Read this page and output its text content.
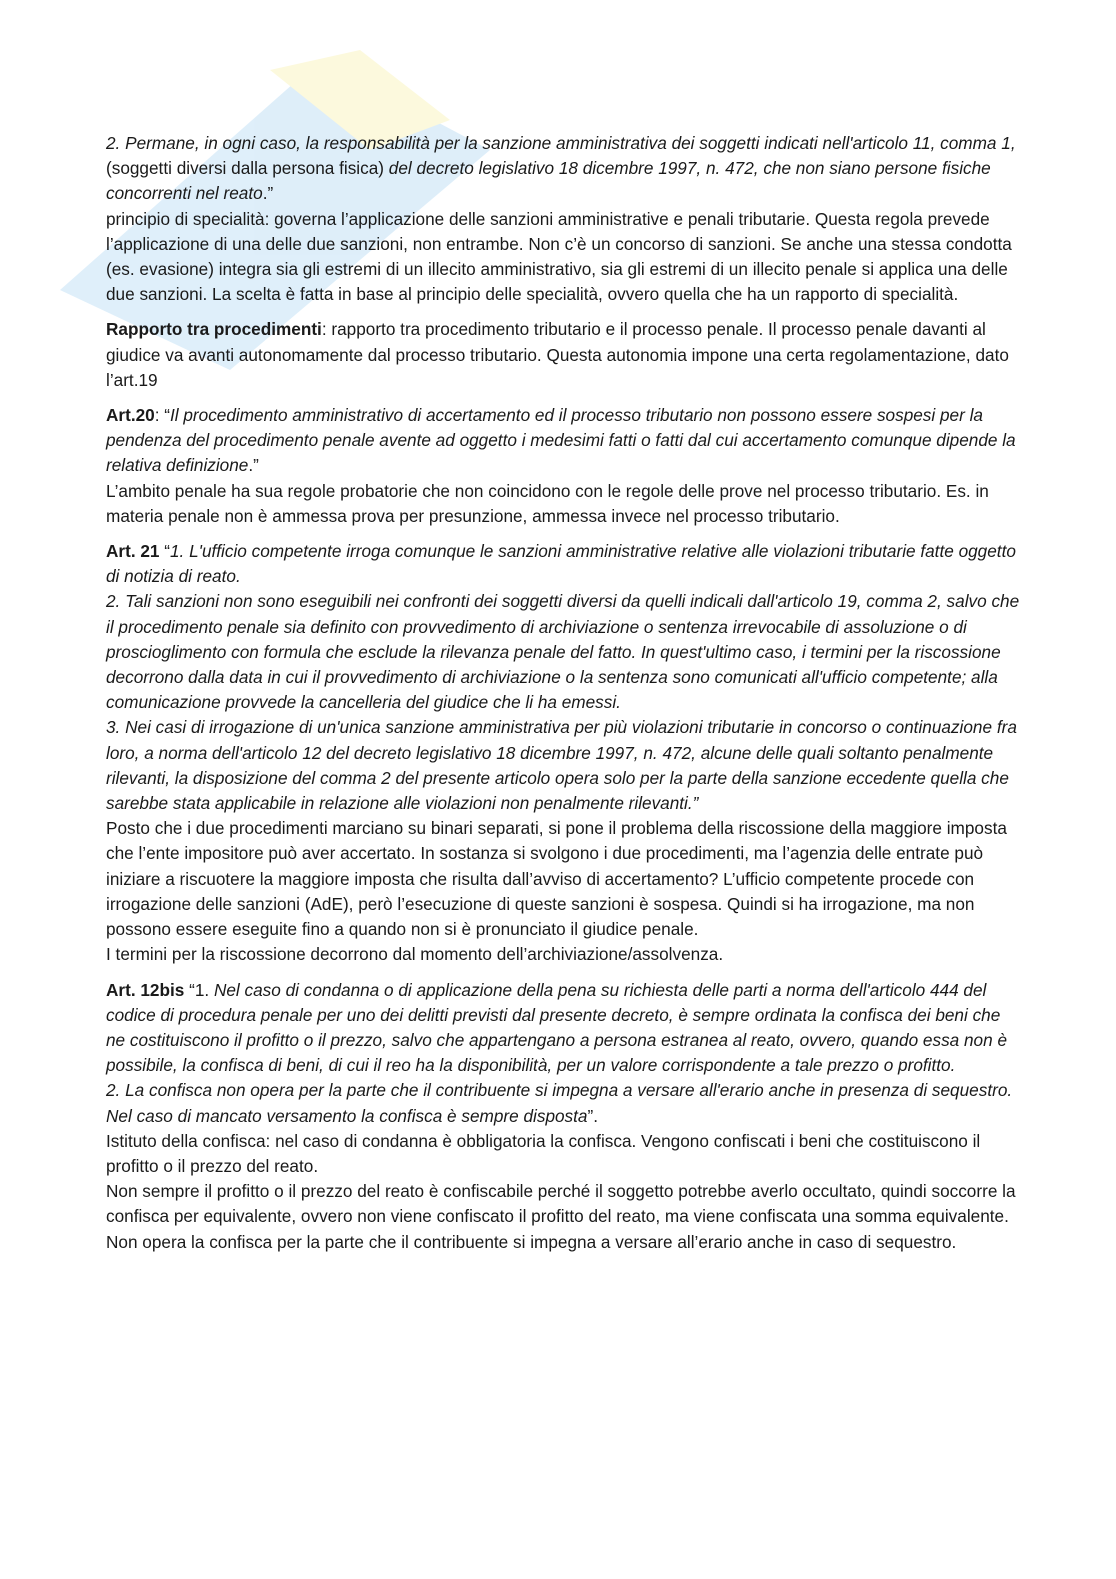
2. Permane, in ogni caso, la responsabilità per la sanzione amministrativa dei soggetti indicati nell'articolo 11, comma 1, (soggetti diversi dalla persona fisica) del decreto legislativo 18 dicembre 1997, n. 472, che non siano persone fisiche concorrenti nel reato.”

principio di specialità: governa l’applicazione delle sanzioni amministrative e penali tributarie. Questa regola prevede l’applicazione di una delle due sanzioni, non entrambe. Non c’è un concorso di sanzioni. Se anche una stessa condotta (es. evasione) integra sia gli estremi di un illecito amministrativo, sia gli estremi di un illecito penale si applica una delle due sanzioni. La scelta è fatta in base al principio delle specialità, ovvero quella che ha un rapporto di specialità.

Rapporto tra procedimenti: rapporto tra procedimento tributario e il processo penale. Il processo penale davanti al giudice va avanti autonomamente dal processo tributario. Questa autonomia impone una certa regolamentazione, dato l’art.19

Art.20: “Il procedimento amministrativo di accertamento ed il processo tributario non possono essere sospesi per la pendenza del procedimento penale avente ad oggetto i medesimi fatti o fatti dal cui accertamento comunque dipende la relativa definizione.”
L’ambito penale ha sua regole probatorie che non coincidono con le regole delle prove nel processo tributario. Es. in materia penale non è ammessa prova per presunzione, ammessa invece nel processo tributario.

Art. 21 “1. L'ufficio competente irroga comunque le sanzioni amministrative relative alle violazioni tributarie fatte oggetto di notizia di reato.
2. Tali sanzioni non sono eseguibili nei confronti dei soggetti diversi da quelli indicali dall'articolo 19, comma 2, salvo che il procedimento penale sia definito con provvedimento di archiviazione o sentenza irrevocabile di assoluzione o di proscioglimento con formula che esclude la rilevanza penale del fatto. In quest'ultimo caso, i termini per la riscossione decorrono dalla data in cui il provvedimento di archiviazione o la sentenza sono comunicati all'ufficio competente; alla comunicazione provvede la cancelleria del giudice che li ha emessi.
3. Nei casi di irrogazione di un'unica sanzione amministrativa per più violazioni tributarie in concorso o continuazione fra loro, a norma dell'articolo 12 del decreto legislativo 18 dicembre 1997, n. 472, alcune delle quali soltanto penalmente rilevanti, la disposizione del comma 2 del presente articolo opera solo per la parte della sanzione eccedente quella che sarebbe stata applicabile in relazione alle violazioni non penalmente rilevanti.”
Posto che i due procedimenti marciano su binari separati, si pone il problema della riscossione della maggiore imposta che l’ente impositore può aver accertato. In sostanza si svolgono i due procedimenti, ma l’agenzia delle entrate può iniziare a riscuotere la maggiore imposta che risulta dall’avviso di accertamento? L’ufficio competente procede con irrogazione delle sanzioni (AdE), però l’esecuzione di queste sanzioni è sospesa. Quindi si ha irrogazione, ma non possono essere eseguite fino a quando non si è pronunciato il giudice penale.
I termini per la riscossione decorrono dal momento dell’archiviazione/assolvenza.

Art. 12bis “1. Nel caso di condanna o di applicazione della pena su richiesta delle parti a norma dell'articolo 444 del codice di procedura penale per uno dei delitti previsti dal presente decreto, è sempre ordinata la confisca dei beni che ne costituiscono il profitto o il prezzo, salvo che appartengano a persona estranea al reato, ovvero, quando essa non è possibile, la confisca di beni, di cui il reo ha la disponibilità, per un valore corrispondente a tale prezzo o profitto.
2. La confisca non opera per la parte che il contribuente si impegna a versare all'erario anche in presenza di sequestro. Nel caso di mancato versamento la confisca è sempre disposta”.
Istituto della confisca: nel caso di condanna è obbligatoria la confisca. Vengono confiscati i beni che costituiscono il profitto o il prezzo del reato.
Non sempre il profitto o il prezzo del reato è confiscabile perché il soggetto potrebbe averlo occultato, quindi soccorre la confisca per equivalente, ovvero non viene confiscato il profitto del reato, ma viene confiscata una somma equivalente.
Non opera la confisca per la parte che il contribuente si impegna a versare all’erario anche in caso di sequestro.
